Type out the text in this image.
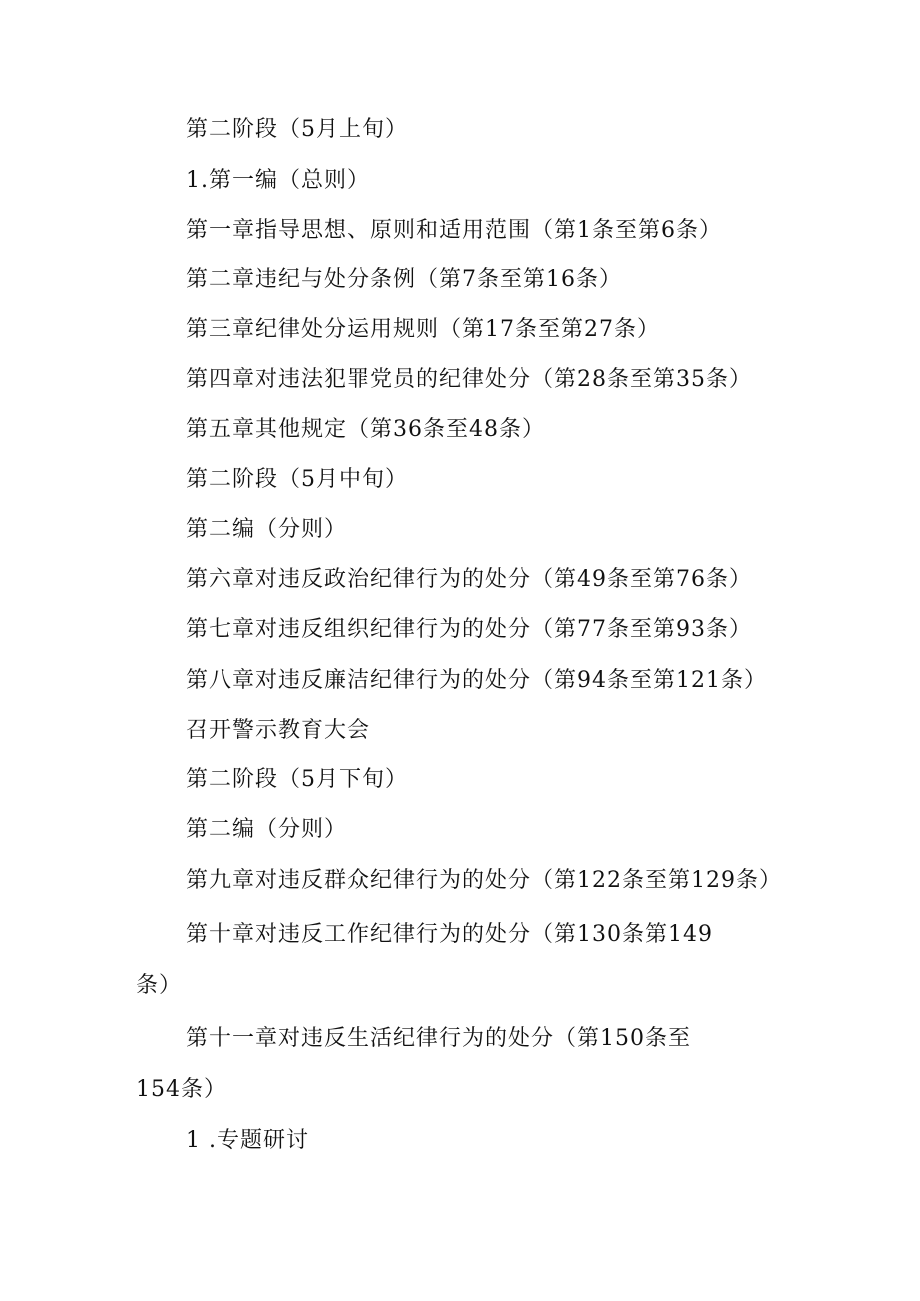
第二阶段（5月上旬）

1.第一编（总则）

第一章指导思想、原则和适用范围（第1条至第6条）

第二章违纪与处分条例（第7条至第16条）

第三章纪律处分运用规则（第17条至第27条）

第四章对违法犯罪党员的纪律处分（第28条至第35条）

第五章其他规定（第36条至48条）

第二阶段（5月中旬）

第二编（分则）

第六章对违反政治纪律行为的处分（第49条至第76条）

第七章对违反组织纪律行为的处分（第77条至第93条）

第八章对违反廉洁纪律行为的处分（第94条至第121条）

召开警示教育大会

第二阶段（5月下旬）

第二编（分则）

第九章对违反群众纪律行为的处分（第122条至第129条）

第十章对违反工作纪律行为的处分（第130条第149

条）

第十一章对违反生活纪律行为的处分（第150条至

154条）

1 .专题研讨
